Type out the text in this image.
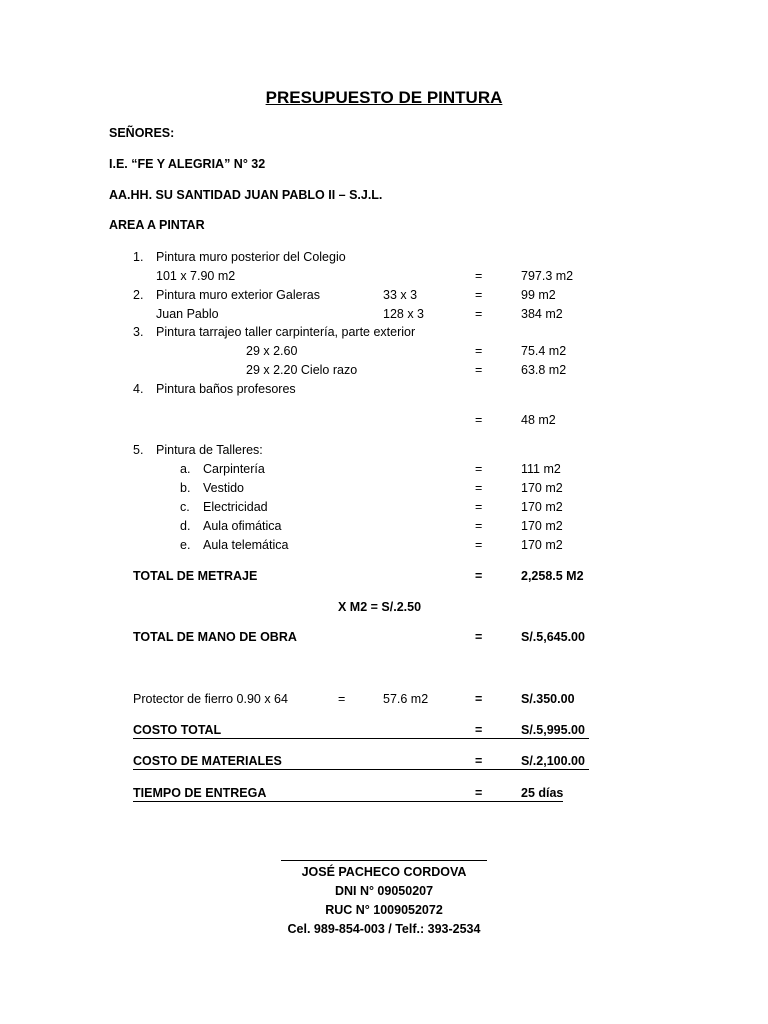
PRESUPUESTO DE PINTURA
SEÑORES:
I.E. “FE Y ALEGRIA” N° 32
AA.HH. SU SANTIDAD JUAN PABLO II – S.J.L.
AREA A PINTAR
1. Pintura muro posterior del Colegio
101 x 7.90 m2	=	797.3 m2
2. Pintura muro exterior Galeras	33 x 3	=	99 m2
Juan Pablo	128 x 3	=	384 m2
3. Pintura tarrajeo taller carpintería, parte exterior
29 x 2.60	=	75.4 m2
29 x 2.20 Cielo razo	=	63.8 m2
4. Pintura baños profesores
=	48 m2
5. Pintura de Talleres:
a. Carpintería	=	111 m2
b. Vestido	=	170 m2
c. Electricidad	=	170 m2
d. Aula ofimática	=	170 m2
e. Aula telemática	=	170 m2
TOTAL DE METRAJE	=	2,258.5 M2
X M2 = S/.2.50
TOTAL DE MANO DE OBRA	=	S/.5,645.00
Protector de fierro 0.90 x 64	=	57.6 m2	=	S/.350.00
COSTO TOTAL	=	S/.5,995.00
COSTO DE MATERIALES	=	S/.2,100.00
TIEMPO DE ENTREGA	=	25 días
JOSÉ PACHECO CORDOVA
DNI N° 09050207
RUC N° 1009052072
Cel. 989-854-003 / Telf.: 393-2534
